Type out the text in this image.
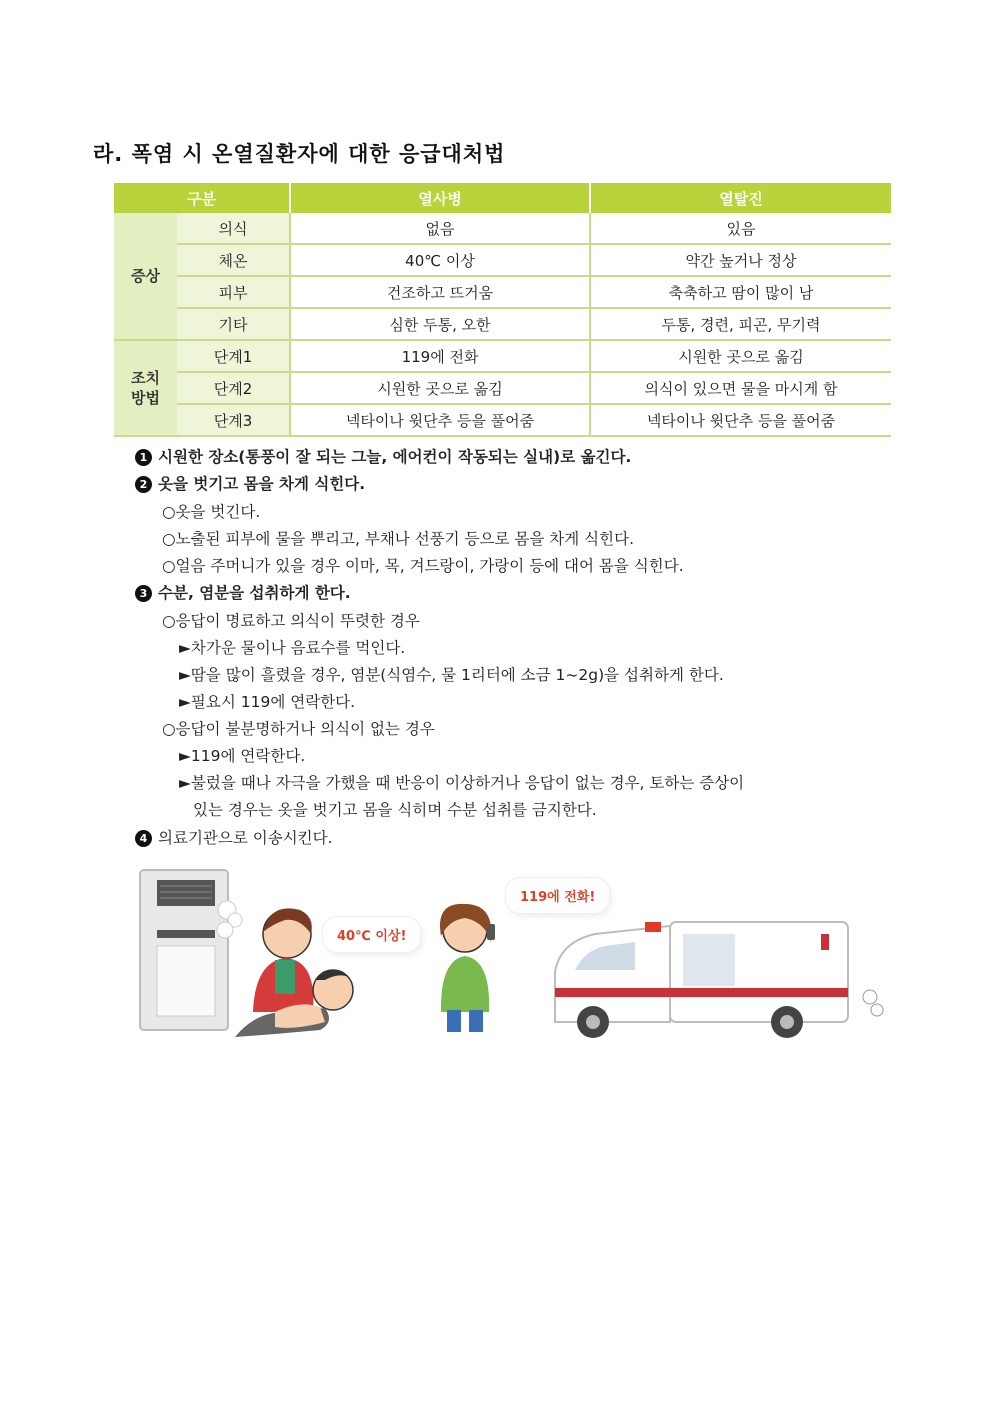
라. 폭염 시 온열질환자에 대한 응급대처법
구분		열사병	열탈진
증상	의식	없음	있음
	체온	40℃ 이상	약간 높거나 정상
	피부	건조하고 뜨거움	축축하고 땀이 많이 남
	기타	심한 두통, 오한	두통, 경련, 피곤, 무기력
조치
방법	단계1	119에 전화	시원한 곳으로 옮김
	단계2	시원한 곳으로 옮김	의식이 있으면 물을 마시게 함
	단계3	넥타이나 윗단추 등을 풀어줌	넥타이나 윗단추 등을 풀어줌
1 시원한 장소(통풍이 잘 되는 그늘, 에어컨이 작동되는 실내)로 옮긴다.
2 옷을 벗기고 몸을 차게 식힌다.
○옷을 벗긴다.
○노출된 피부에 물을 뿌리고, 부채나 선풍기 등으로 몸을 차게 식힌다.
○얼음 주머니가 있을 경우 이마, 목, 겨드랑이, 가랑이 등에 대어 몸을 식힌다.
3 수분, 염분을 섭취하게 한다.
○응답이 명료하고 의식이 뚜렷한 경우
►차가운 물이나 음료수를 먹인다.
►땀을 많이 흘렸을 경우, 염분(식염수, 물 1리터에 소금 1~2g)을 섭취하게 한다.
►필요시 119에 연락한다.
○응답이 불분명하거나 의식이 없는 경우
►119에 연락한다.
►불렀을 때나 자극을 가했을 때 반응이 이상하거나 응답이 없는 경우, 토하는 증상이
있는 경우는 옷을 벗기고 몸을 식히며 수분 섭취를 금지한다.
4 의료기관으로 이송시킨다.
40℃ 이상!
119에 전화!
